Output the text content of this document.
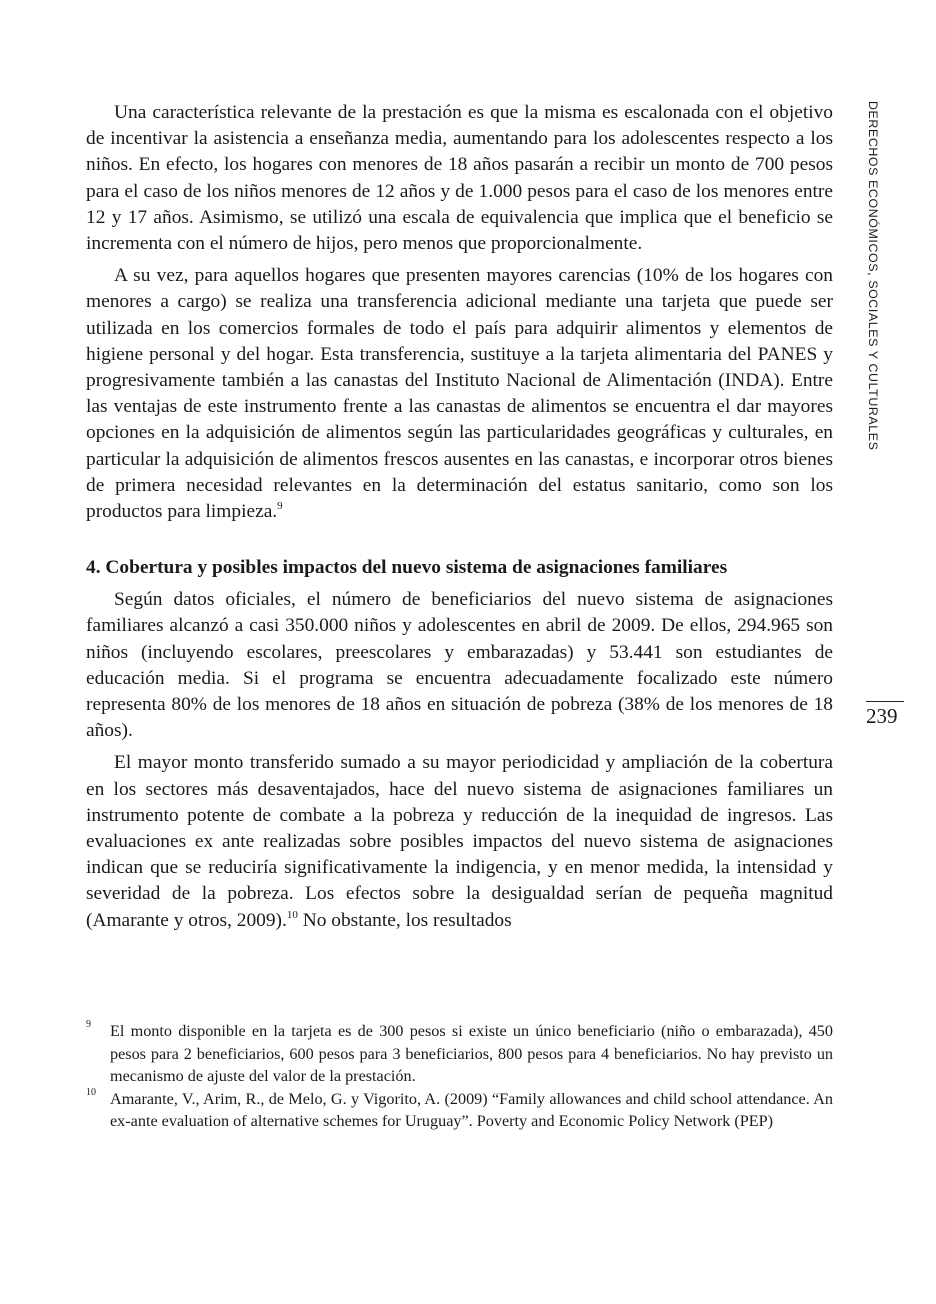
DERECHOS ECONÓMICOS, SOCIALES Y CULTURALES
239

Una característica relevante de la prestación es que la misma es escalonada con el objetivo de incentivar la asistencia a enseñanza media, aumentando para los adolescentes respecto a los niños. En efecto, los hogares con menores de 18 años pasarán a recibir un monto de 700 pesos para el caso de los niños menores de 12 años y de 1.000 pesos para el caso de los menores entre 12 y 17 años. Asimismo, se utilizó una escala de equivalencia que implica que el beneficio se incrementa con el número de hijos, pero menos que proporcionalmente.

A su vez, para aquellos hogares que presenten mayores carencias (10% de los hogares con menores a cargo) se realiza una transferencia adicional mediante una tarjeta que puede ser utilizada en los comercios formales de todo el país para adquirir alimentos y elementos de higiene personal y del hogar. Esta transferencia, sustituye a la tarjeta alimentaria del PANES y progresivamente también a las canastas del Instituto Nacional de Alimentación (INDA). Entre las ventajas de este instrumento frente a las canastas de alimentos se encuentra el dar mayores opciones en la adquisición de alimentos según las particularidades geográficas y culturales, en particular la adquisición de alimentos frescos ausentes en las canastas, e incorporar otros bienes de primera necesidad relevantes en la determinación del estatus sanitario, como son los productos para limpieza.$^9$

4. Cobertura y posibles impactos del nuevo sistema de asignaciones familiares

Según datos oficiales, el número de beneficiarios del nuevo sistema de asignaciones familiares alcanzó a casi 350.000 niños y adolescentes en abril de 2009. De ellos, 294.965 son niños (incluyendo escolares, preescolares y embarazadas) y 53.441 son estudiantes de educación media. Si el programa se encuentra adecuadamente focalizado este número representa 80% de los menores de 18 años en situación de pobreza (38% de los menores de 18 años).

El mayor monto transferido sumado a su mayor periodicidad y ampliación de la cobertura en los sectores más desaventajados, hace del nuevo sistema de asignaciones familiares un instrumento potente de combate a la pobreza y reducción de la inequidad de ingresos. Las evaluaciones ex ante realizadas sobre posibles impactos del nuevo sistema de asignaciones indican que se reduciría significativamente la indigencia, y en menor medida, la intensidad y severidad de la pobreza. Los efectos sobre la desigualdad serían de pequeña magnitud (Amarante y otros, 2009).$^{10}$ No obstante, los resultados

9 El monto disponible en la tarjeta es de 300 pesos si existe un único beneficiario (niño o embarazada), 450 pesos para 2 beneficiarios, 600 pesos para 3 beneficiarios, 800 pesos para 4 beneficiarios. No hay previsto un mecanismo de ajuste del valor de la prestación.

10 Amarante, V., Arim, R., de Melo, G. y Vigorito, A. (2009) “Family allowances and child school attendance. An ex-ante evaluation of alternative schemes for Uruguay”. Poverty and Economic Policy Network (PEP)
